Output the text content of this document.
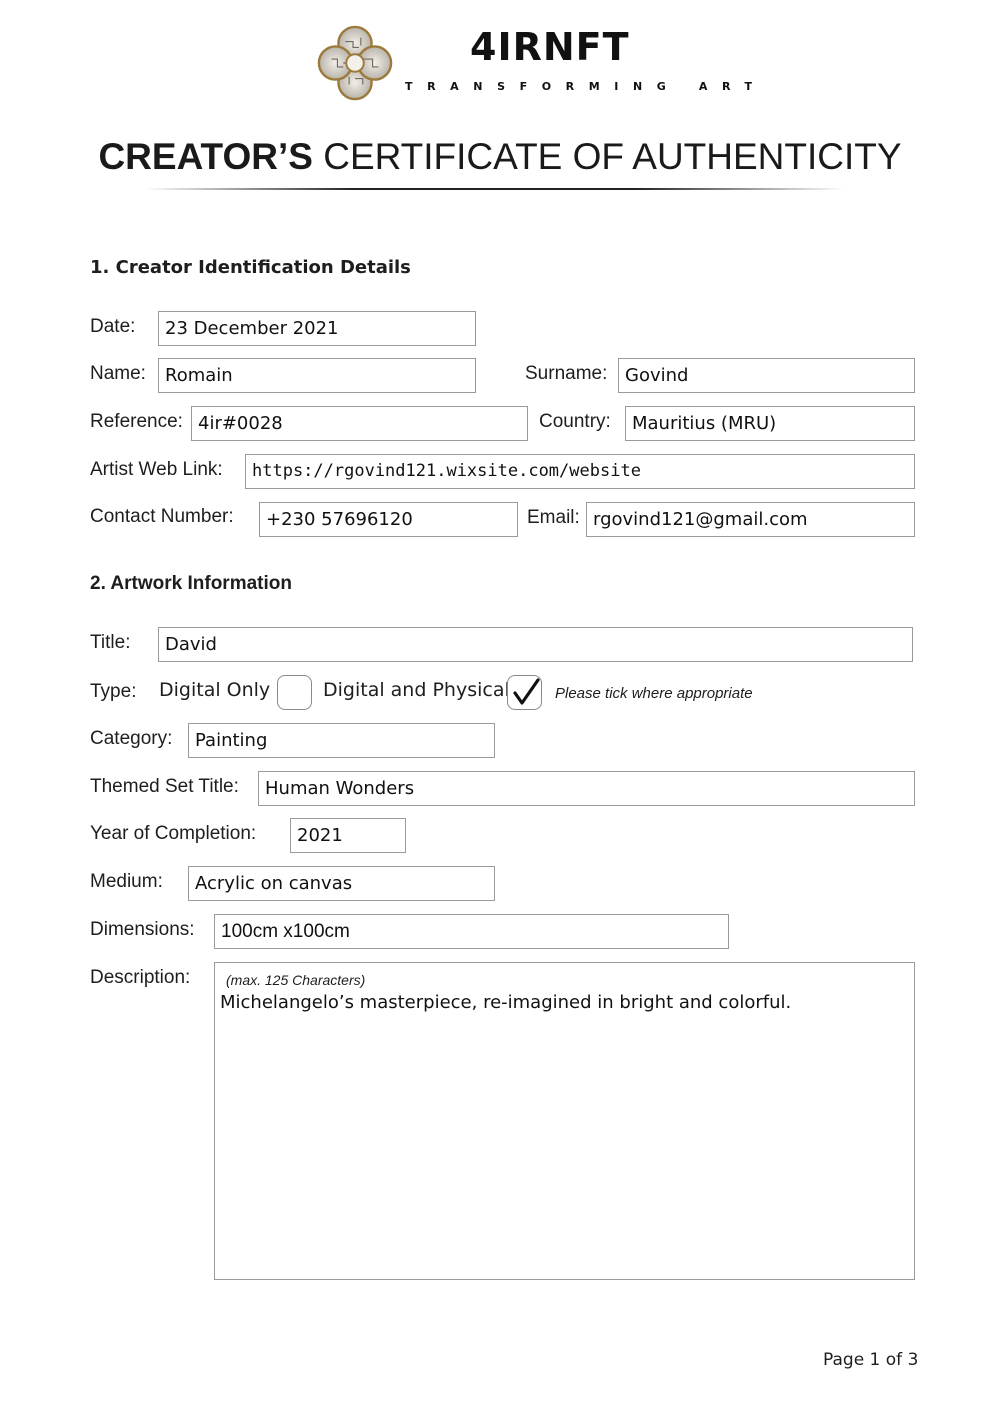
4IRNFT
TRANSFORMING ART
CREATOR’S CERTIFICATE OF AUTHENTICITY
1. Creator Identification Details
Date:	23 December 2021
Name:	Romain	Surname: Govind
Reference: 4ir#0028	Country:	Mauritius (MRU)
Artist Web Link:	https://rgovind121.wixsite.com/website
Contact Number:	+230 57696120	Email: rgovind121@gmail.com
2. Artwork Information
Title:	David
Type: Digital Only	Digital and Physical	Please tick where appropriate
Category:	Painting
Themed Set Title:	Human Wonders
Year of Completion:	2021
Medium:	Acrylic on canvas
Dimensions:	100cm x100cm
Description:	(max. 125 Characters)
Michelangelo’s masterpiece, re-imagined in bright and colorful.
Page 1 of 3
